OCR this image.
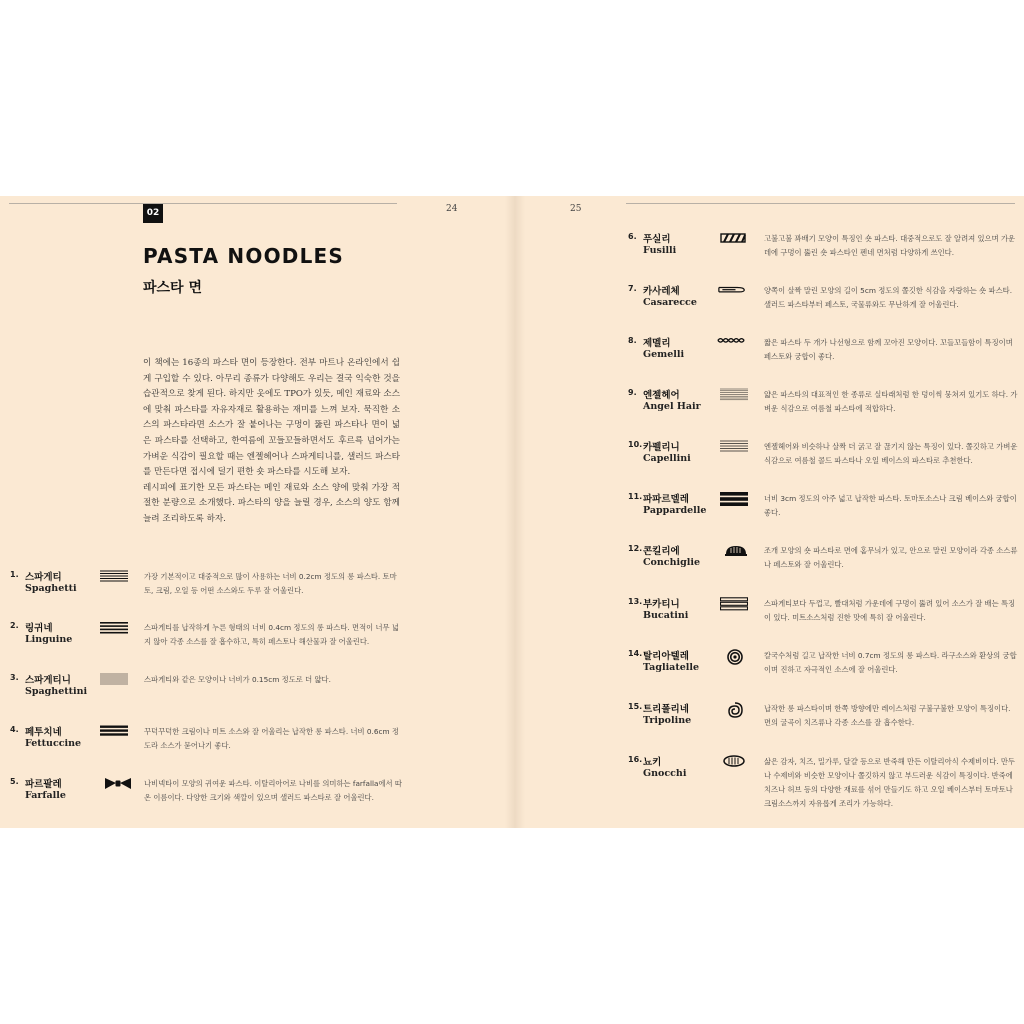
24	25
02
PASTA NOODLES
파스타 면

이 책에는 16종의 파스타 면이 등장한다. 전부 마트나 온라인에서 쉽게 구입할 수 있다. 아무리 종류가 다양해도 우리는 결국 익숙한 것을 습관적으로 찾게 된다. 하지만 옷에도 TPO가 있듯, 메인 재료와 소스에 맞춰 파스타를 자유자재로 활용하는 재미를 느껴 보자. 묵직한 소스의 파스타라면 소스가 잘 붙어나는 구멍이 뚫린 파스타나 면이 넓은 파스타를 선택하고, 한여름에 꼬들꼬들하면서도 후르륵 넘어가는 가벼운 식감이 필요할 때는 엔젤헤어나 스파게티니를, 샐러드 파스타를 만든다면 접시에 덜기 편한 숏 파스타를 시도해 보자.

레시피에 표기한 모든 파스타는 메인 재료와 소스 양에 맞춰 가장 적절한 분량으로 소개했다. 파스타의 양을 늘릴 경우, 소스의 양도 함께 늘려 조리하도록 하자.

1. 스파게티
Spaghetti
가장 기본적이고 대중적으로 많이 사용하는 너비 0.2cm 정도의 롱 파스타. 토마토, 크림, 오일 등 어떤 소스와도 두루 잘 어울린다.
2. 링귀네
Linguine
스파게티를 납작하게 누른 형태의 너비 0.4cm 정도의 롱 파스타. 면적이 너무 넓지 않아 각종 소스를 잘 흡수하고, 특히 페스토나 해산물과 잘 어울린다.
3. 스파게티니
Spaghettini
스파게티와 같은 모양이나 너비가 0.15cm 정도로 더 얇다.
4. 페투치네
Fettuccine
꾸덕꾸덕한 크림이나 미트 소스와 잘 어울리는 납작한 롱 파스타. 너비 0.6cm 정도라 소스가 묻어나기 좋다.
5. 파르팔레
Farfalle
나비넥타이 모양의 귀여운 파스타. 이탈리아어로 나비를 의미하는 farfalla에서 따온 이름이다. 다양한 크기와 색깔이 있으며 샐러드 파스타로 잘 어울린다.
6. 푸실리
Fusilli
고불고불 꽈배기 모양이 특징인 숏 파스타. 대중적으로도 잘 알려져 있으며 가운데에 구멍이 뚫린 숏 파스타인 펜네 면처럼 다양하게 쓰인다.
7. 카사레체
Casarecce
양쪽이 살짝 말린 모양의 길이 5cm 정도의 쫄깃한 식감을 자랑하는 숏 파스타. 샐러드 파스타부터 페스토, 국물류와도 무난하게 잘 어울린다.
8. 제멜리
Gemelli
짧은 파스타 두 개가 나선형으로 함께 꼬아진 모양이다. 꼬들꼬들함이 특징이며 페스토와 궁합이 좋다.
9. 엔젤헤어
Angel Hair
얇은 파스타의 대표적인 한 종류로 실타래처럼 한 덩이씩 뭉쳐져 있기도 하다. 가벼운 식감으로 여름철 파스타에 적합하다.
10. 카펠리니
Capellini
엔젤헤어와 비슷하나 살짝 더 굵고 잘 끊기지 않는 특징이 있다. 쫄깃하고 가벼운 식감으로 여름철 콜드 파스타나 오일 베이스의 파스타로 추천한다.
11. 파파르델레
Pappardelle
너비 3cm 정도의 아주 넓고 납작한 파스타. 토마토소스나 크림 베이스와 궁합이 좋다.
12. 콘킬리에
Conchiglie
조개 모양의 숏 파스타로 면에 홈무늬가 있고, 안으로 말린 모양이라 각종 소스류나 페스토와 잘 어울린다.
13. 부카티니
Bucatini
스파게티보다 두껍고, 빨대처럼 가운데에 구멍이 뚫려 있어 소스가 잘 배는 특징이 있다. 미트소스처럼 진한 맛에 특히 잘 어울린다.
14. 탈리아텔레
Tagliatelle
칼국수처럼 길고 납작한 너비 0.7cm 정도의 롱 파스타. 라구소스와 환상의 궁합이며 진하고 자극적인 소스에 잘 어울린다.
15. 트리폴리네
Tripoline
납작한 롱 파스타이며 한쪽 방향에만 레이스처럼 구불구불한 모양이 특징이다. 면의 굴곡이 치즈류나 각종 소스를 잘 흡수한다.
16. 뇨키
Gnocchi
삶은 감자, 치즈, 밀가루, 달걀 등으로 반죽해 만든 이탈리아식 수제비이다. 만두나 수제비와 비슷한 모양이나 쫄깃하지 않고 부드러운 식감이 특징이다. 반죽에 치즈나 허브 등의 다양한 재료를 섞어 만들기도 하고 오일 베이스부터 토마토나 크림소스까지 자유롭게 조리가 가능하다.
